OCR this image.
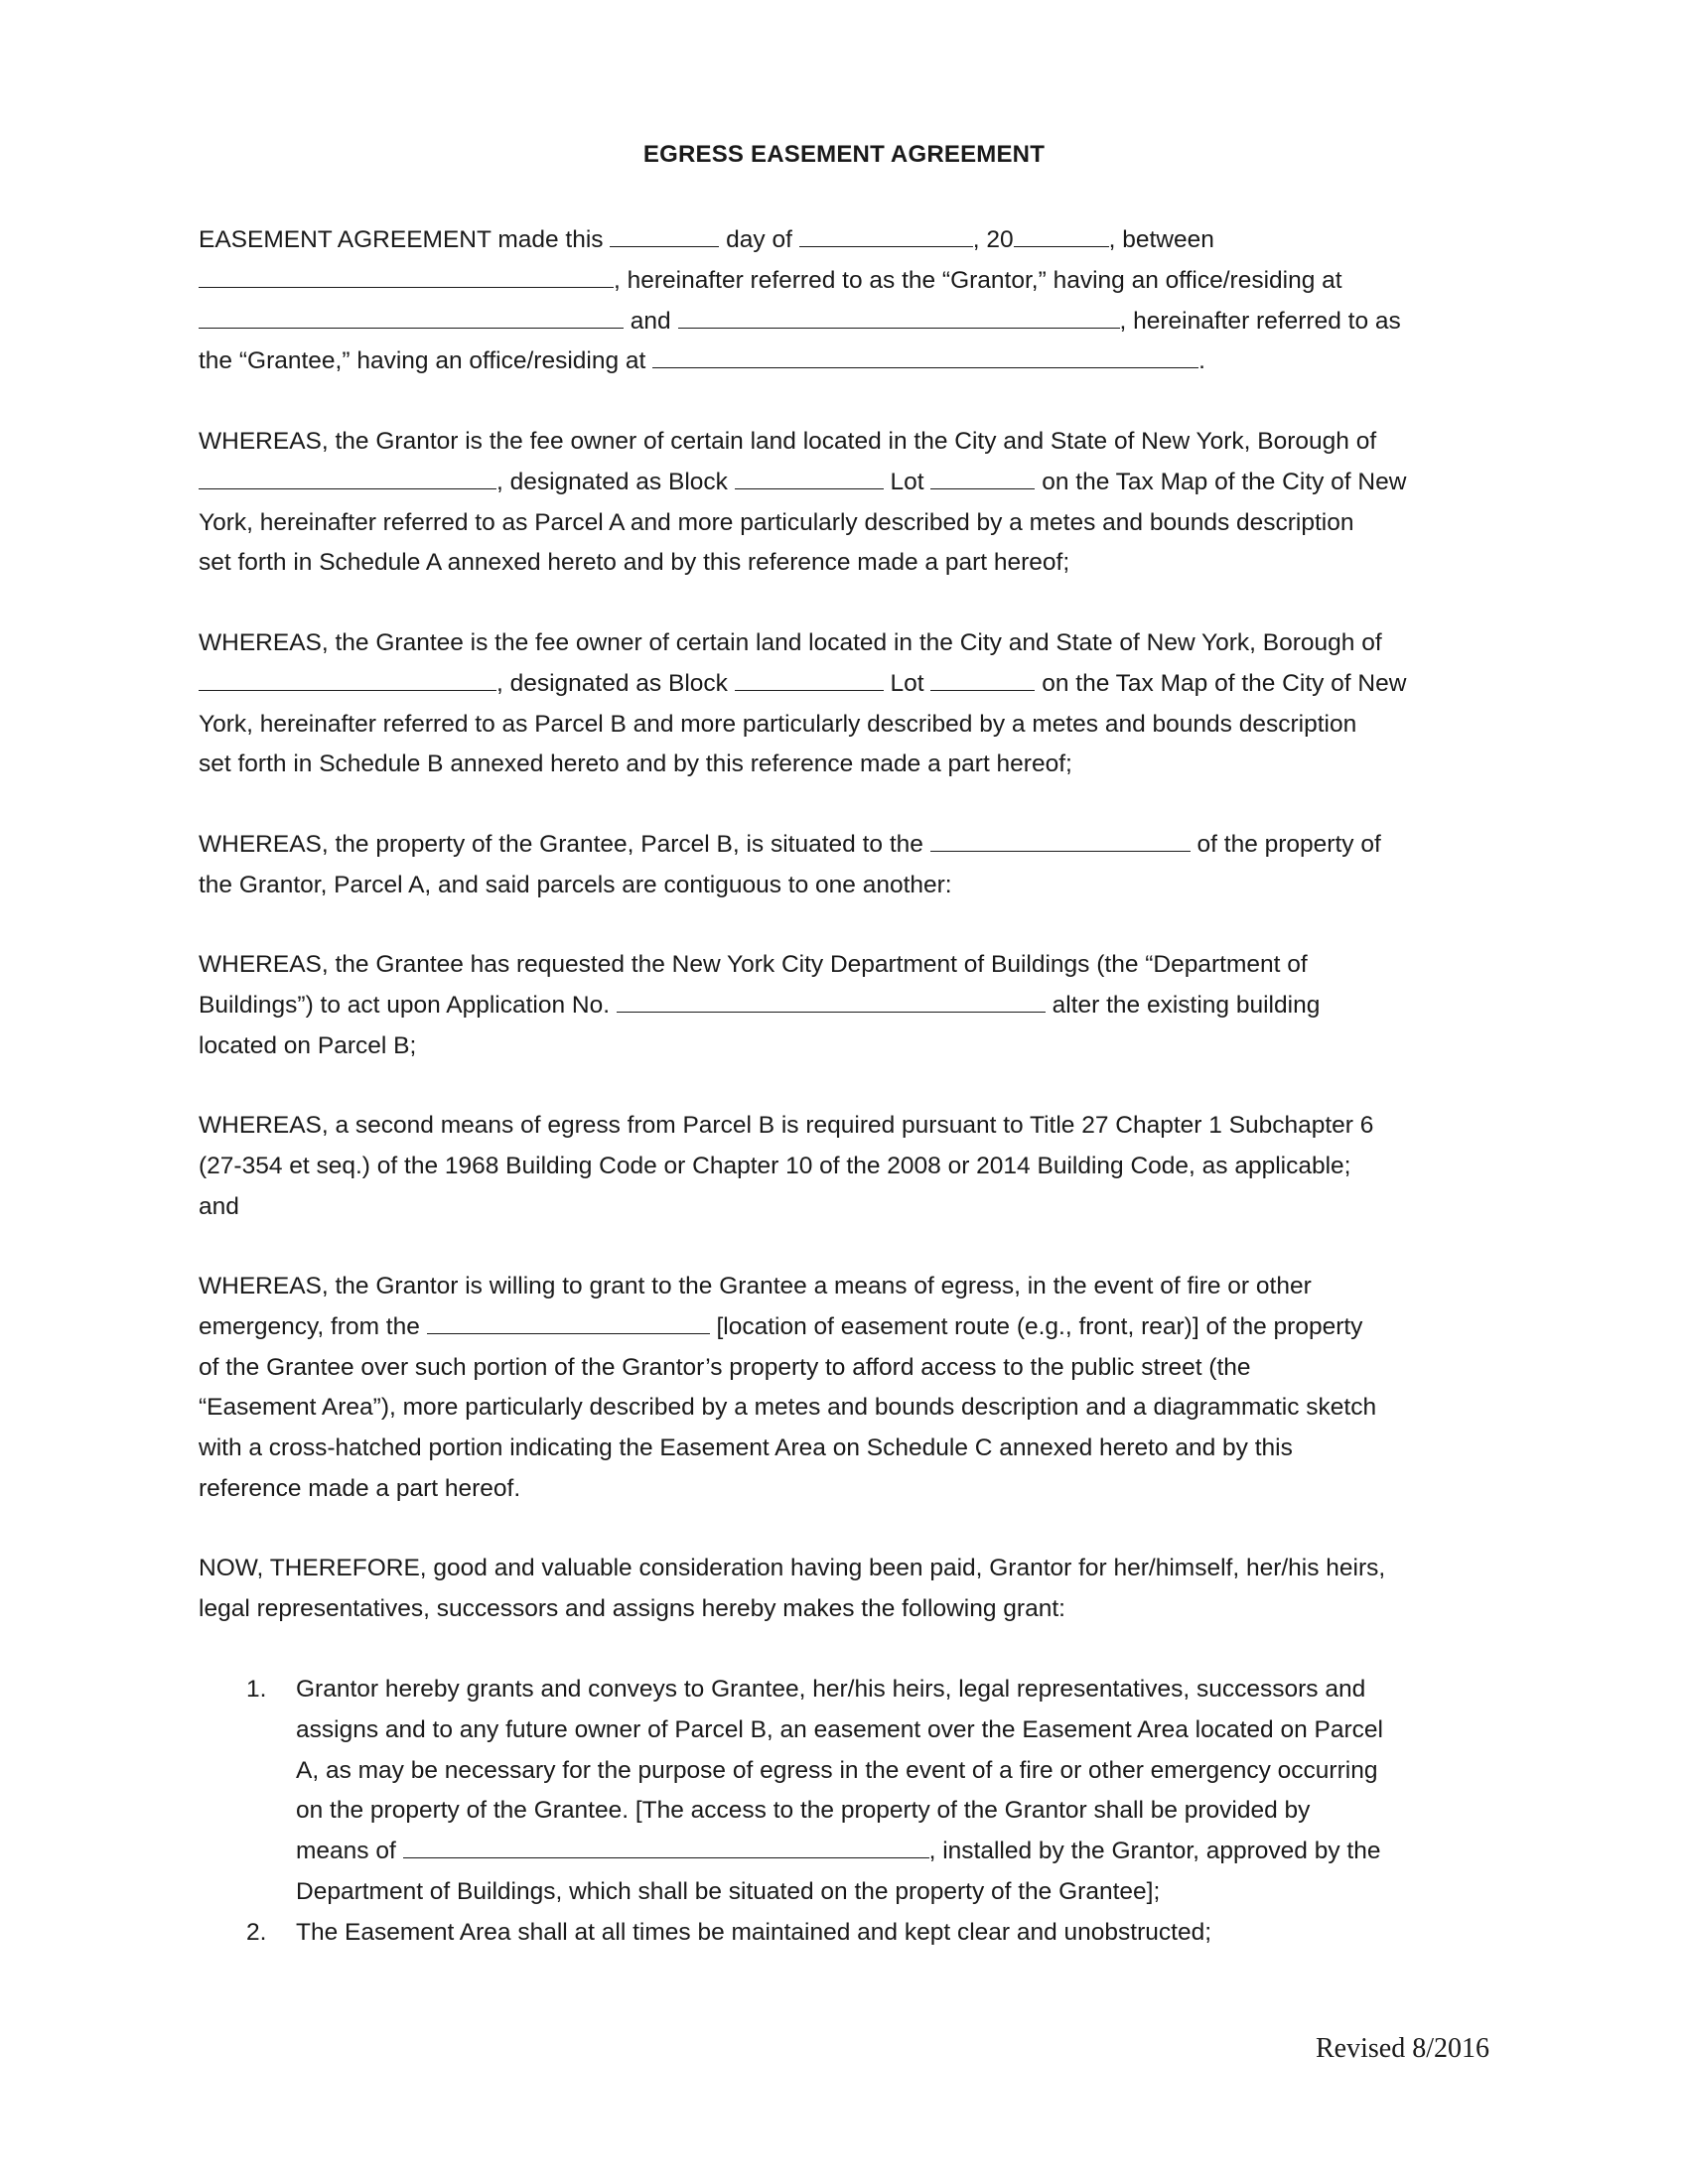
EGRESS EASEMENT AGREEMENT
EASEMENT AGREEMENT made this	day of	, 20	, between
, hereinafter referred to as the “Grantor,” having an office/residing at
and	, hereinafter referred to as
the “Grantee,” having an office/residing at	.
WHEREAS, the Grantor is the fee owner of certain land located in the City and State of New York, Borough of
, designated as Block	Lot	on the Tax Map of the City of New
York, hereinafter referred to as Parcel A and more particularly described by a metes and bounds description
set forth in Schedule A annexed hereto and by this reference made a part hereof;
WHEREAS, the Grantee is the fee owner of certain land located in the City and State of New York, Borough of
, designated as Block	Lot	on the Tax Map of the City of New
York, hereinafter referred to as Parcel B and more particularly described by a metes and bounds description
set forth in Schedule B annexed hereto and by this reference made a part hereof;
WHEREAS, the property of the Grantee, Parcel B, is situated to the	of the property of
the Grantor, Parcel A, and said parcels are contiguous to one another:
WHEREAS, the Grantee has requested the New York City Department of Buildings (the “Department of
Buildings”) to act upon Application No.	alter the existing building
located on Parcel B;
WHEREAS, a second means of egress from Parcel B is required pursuant to Title 27 Chapter 1 Subchapter 6
(27-354 et seq.) of the 1968 Building Code or Chapter 10 of the 2008 or 2014 Building Code, as applicable;
and
WHEREAS, the Grantor is willing to grant to the Grantee a means of egress, in the event of fire or other
emergency, from the	[location of easement route (e.g., front, rear)] of the property
of the Grantee over such portion of the Grantor’s property to afford access to the public street (the
“Easement Area”), more particularly described by a metes and bounds description and a diagrammatic sketch
with a cross-hatched portion indicating the Easement Area on Schedule C annexed hereto and by this
reference made a part hereof.
NOW, THEREFORE, good and valuable consideration having been paid, Grantor for her/himself, her/his heirs,
legal representatives, successors and assigns hereby makes the following grant:
1. Grantor hereby grants and conveys to Grantee, her/his heirs, legal representatives, successors and
assigns and to any future owner of Parcel B, an easement over the Easement Area located on Parcel
A, as may be necessary for the purpose of egress in the event of a fire or other emergency occurring
on the property of the Grantee. [The access to the property of the Grantor shall be provided by
means of	, installed by the Grantor, approved by the
Department of Buildings, which shall be situated on the property of the Grantee];
2. The Easement Area shall at all times be maintained and kept clear and unobstructed;
Revised 8/2016
